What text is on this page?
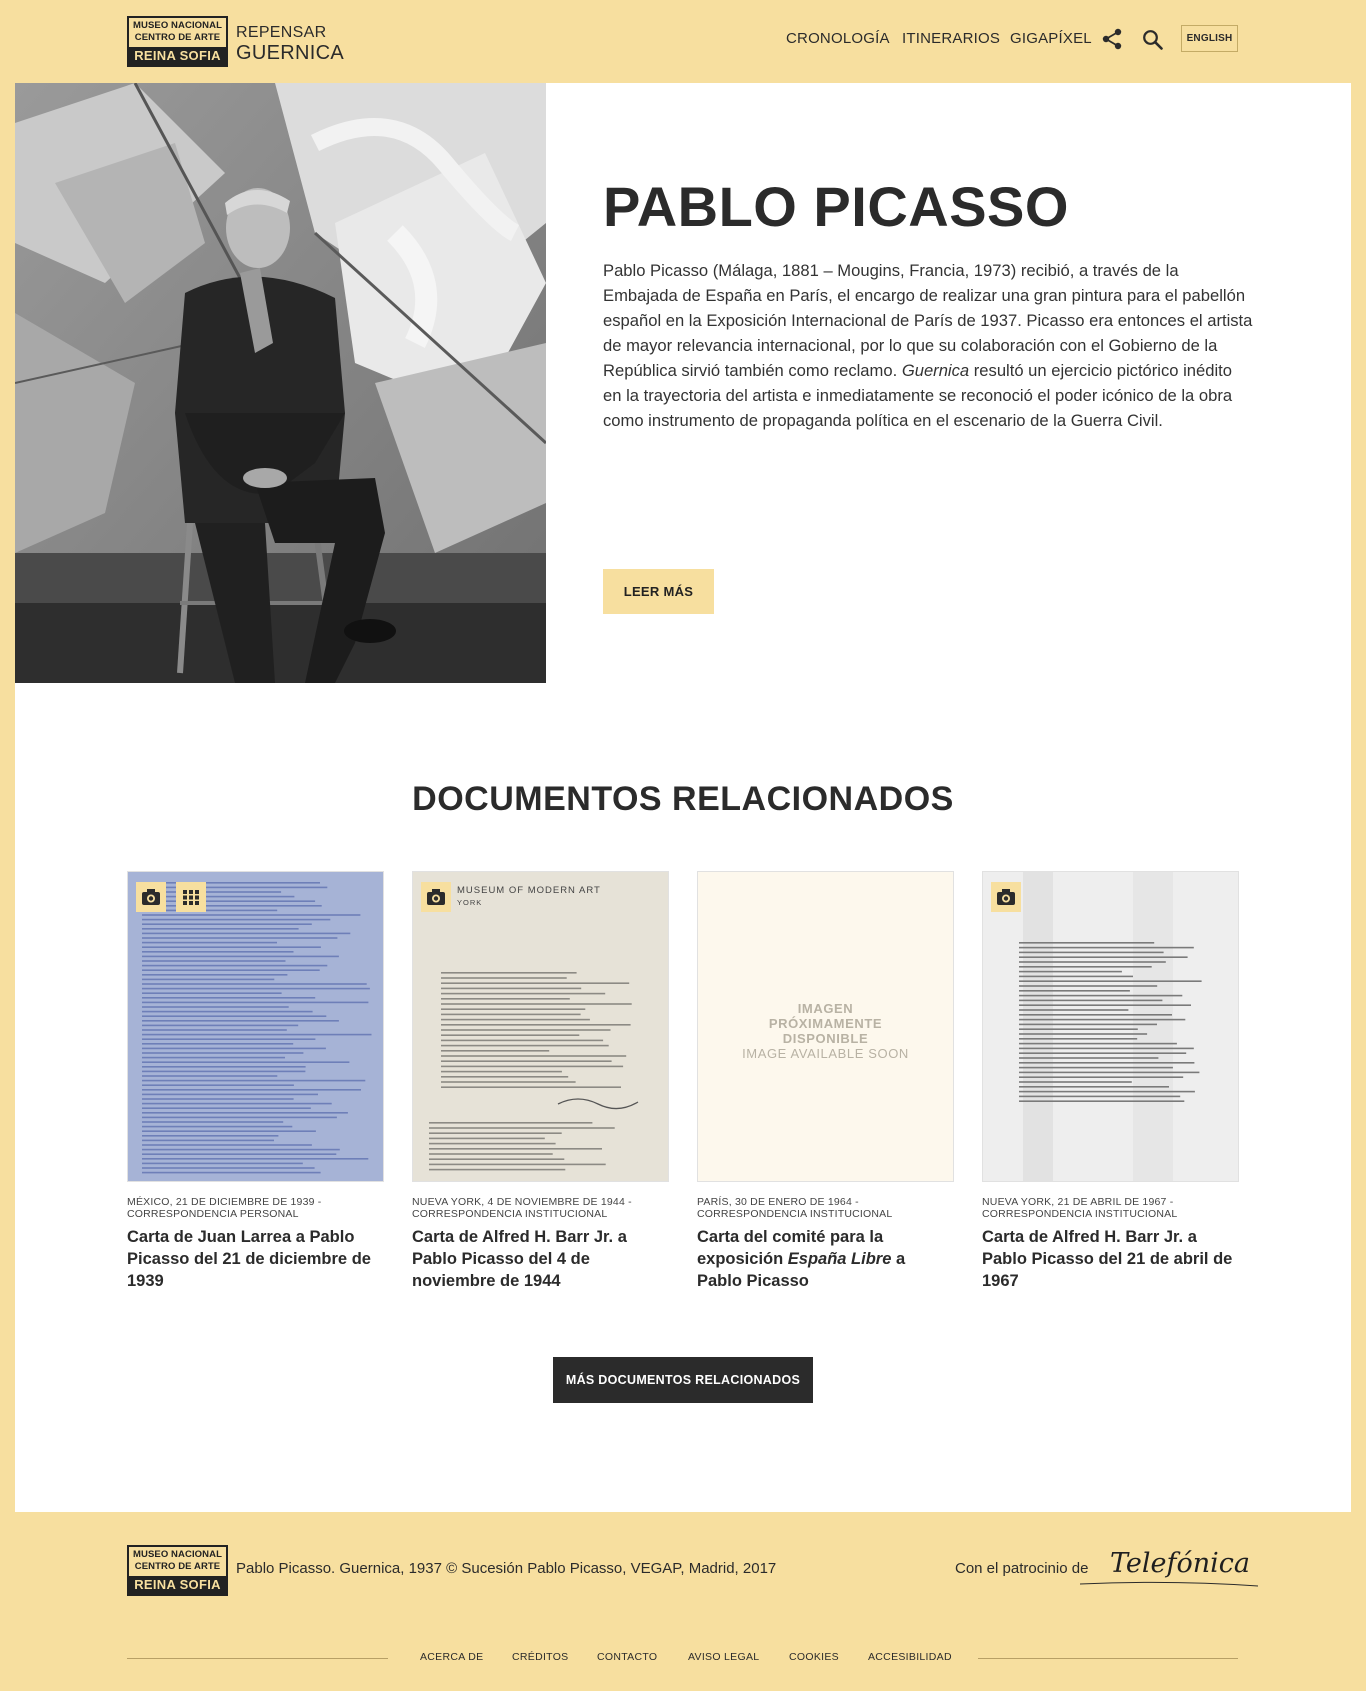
MUSEO NACIONAL
CENTRO DE ARTE
REINA SOFIA
REPENSAR
GUERNICA
CRONOLOGÍA ITINERARIOS GIGAPÍXEL	ENGLISH
PABLO PICASSO

Pablo Picasso (Málaga, 1881 – Mougins, Francia, 1973) recibió, a través de la Embajada de España en París, el encargo de realizar una gran pintura para el pabellón español en la Exposición Internacional de París de 1937. Picasso era entonces el artista de mayor relevancia internacional, por lo que su colaboración con el Gobierno de la República sirvió también como reclamo. Guernica resultó un ejercicio pictórico inédito en la trayectoria del artista e inmediatamente se reconoció el poder icónico de la obra como instrumento de propaganda política en el escenario de la Guerra Civil.

LEER MÁS
DOCUMENTOS RELACIONADOS
MÉXICO, 21 DE DICIEMBRE DE 1939 -
CORRESPONDENCIA PERSONAL
Carta de Juan Larrea a Pablo Picasso del 21 de diciembre de 1939
MUSEUM OF MODERN ART
YORK
NUEVA YORK, 4 DE NOVIEMBRE DE 1944 -
CORRESPONDENCIA INSTITUCIONAL
Carta de Alfred H. Barr Jr. a Pablo Picasso del 4 de noviembre de 1944
IMAGEN PRÓXIMAMENTE DISPONIBLE
IMAGE AVAILABLE SOON
PARÍS, 30 DE ENERO DE 1964 -
CORRESPONDENCIA INSTITUCIONAL
Carta del comité para la exposición España Libre a Pablo Picasso
NUEVA YORK, 21 DE ABRIL DE 1967 -
CORRESPONDENCIA INSTITUCIONAL
Carta de Alfred H. Barr Jr. a Pablo Picasso del 21 de abril de 1967
MÁS DOCUMENTOS RELACIONADOS
MUSEO NACIONAL
CENTRO DE ARTE
REINA SOFIA
Pablo Picasso. Guernica, 1937 © Sucesión Pablo Picasso, VEGAP, Madrid, 2017	Con el patrocinio de Telefónica
ACERCA DE	CRÉDITOS	CONTACTO	AVISO LEGAL	COOKIES	ACCESIBILIDAD
